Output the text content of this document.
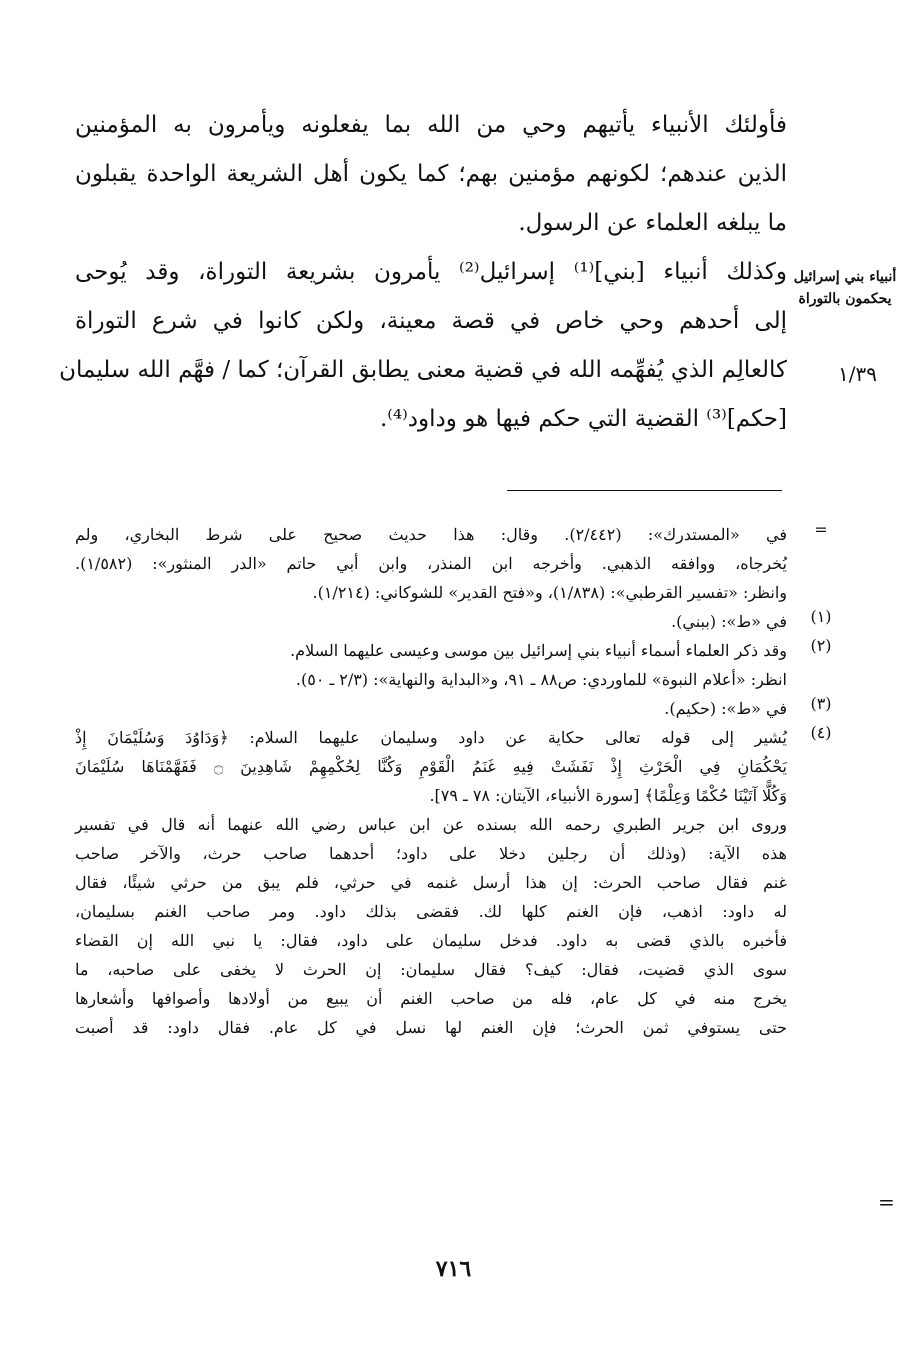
أنبياء بني إسرائيل يحكمون بالتوراة
١/٣٩
فأولئك الأنبياء يأتيهم وحي من الله بما يفعلونه ويأمرون به المؤمنين
الذين عندهم؛ لكونهم مؤمنين بهم؛ كما يكون أهل الشريعة الواحدة يقبلون
ما يبلغه العلماء عن الرسول.
وكذلك أنبياء [بني]⁽¹⁾ إسرائيل⁽²⁾ يأمرون بشريعة التوراة، وقد يُوحى
إلى أحدهم وحي خاص في قصة معينة، ولكن كانوا في شرع التوراة
كالعالِم الذي يُفهِّمه الله في قضية معنى يطابق القرآن؛ كما / فهَّم الله سليمان
[حكم]⁽³⁾ القضية التي حكم فيها هو وداود⁽⁴⁾.
=
في «المستدرك»: (٢/٤٤٢). وقال: هذا حديث صحيح على شرط البخاري، ولم
يُخرجاه، ووافقه الذهبي. وأخرجه ابن المنذر، وابن أبي حاتم «الدر المنثور»: (١/٥٨٢).
وانظر: «تفسير القرطبي»: (١/٨٣٨)، و«فتح القدير» للشوكاني: (١/٢١٤).
(١)
في «ط»: (ببني).
(٢)
وقد ذكر العلماء أسماء أنبياء بني إسرائيل بين موسى وعيسى عليهما السلام.
انظر: «أعلام النبوة» للماوردي: ص٨٨ ـ ٩١، و«البداية والنهاية»: (٢/٣ ـ ٥٠).
(٣)
في «ط»: (حكيم).
(٤)
يُشير إلى قوله تعالى حكاية عن داود وسليمان عليهما السلام: ﴿وَدَاوُدَ وَسُلَيْمَانَ إِذْ
يَحْكُمَانِ فِي الْحَرْثِ إِذْ نَفَشَتْ فِيهِ غَنَمُ الْقَوْمِ وَكُنَّا لِحُكْمِهِمْ شَاهِدِينَ ۝ فَفَهَّمْنَاهَا سُلَيْمَانَ
وَكُلًّا آتَيْنَا حُكْمًا وَعِلْمًا﴾ [سورة الأنبياء، الآيتان: ٧٨ ـ ٧٩].
وروى ابن جرير الطبري رحمه الله بسنده عن ابن عباس رضي الله عنهما أنه قال في تفسير
هذه الآية: (وذلك أن رجلين دخلا على داود؛ أحدهما صاحب حرث، والآخر صاحب
غنم فقال صاحب الحرث: إن هذا أرسل غنمه في حرثي، فلم يبق من حرثي شيئًا، فقال
له داود: اذهب، فإن الغنم كلها لك. فقضى بذلك داود. ومر صاحب الغنم بسليمان،
فأخبره بالذي قضى به داود. فدخل سليمان على داود، فقال: يا نبي الله إن القضاء
سوى الذي قضيت، فقال: كيف؟ فقال سليمان: إن الحرث لا يخفى على صاحبه، ما
يخرج منه في كل عام، فله من صاحب الغنم أن يبيع من أولادها وأصوافها وأشعارها
حتى يستوفي ثمن الحرث؛ فإن الغنم لها نسل في كل عام. فقال داود: قد أصبت
=
٧١٦
